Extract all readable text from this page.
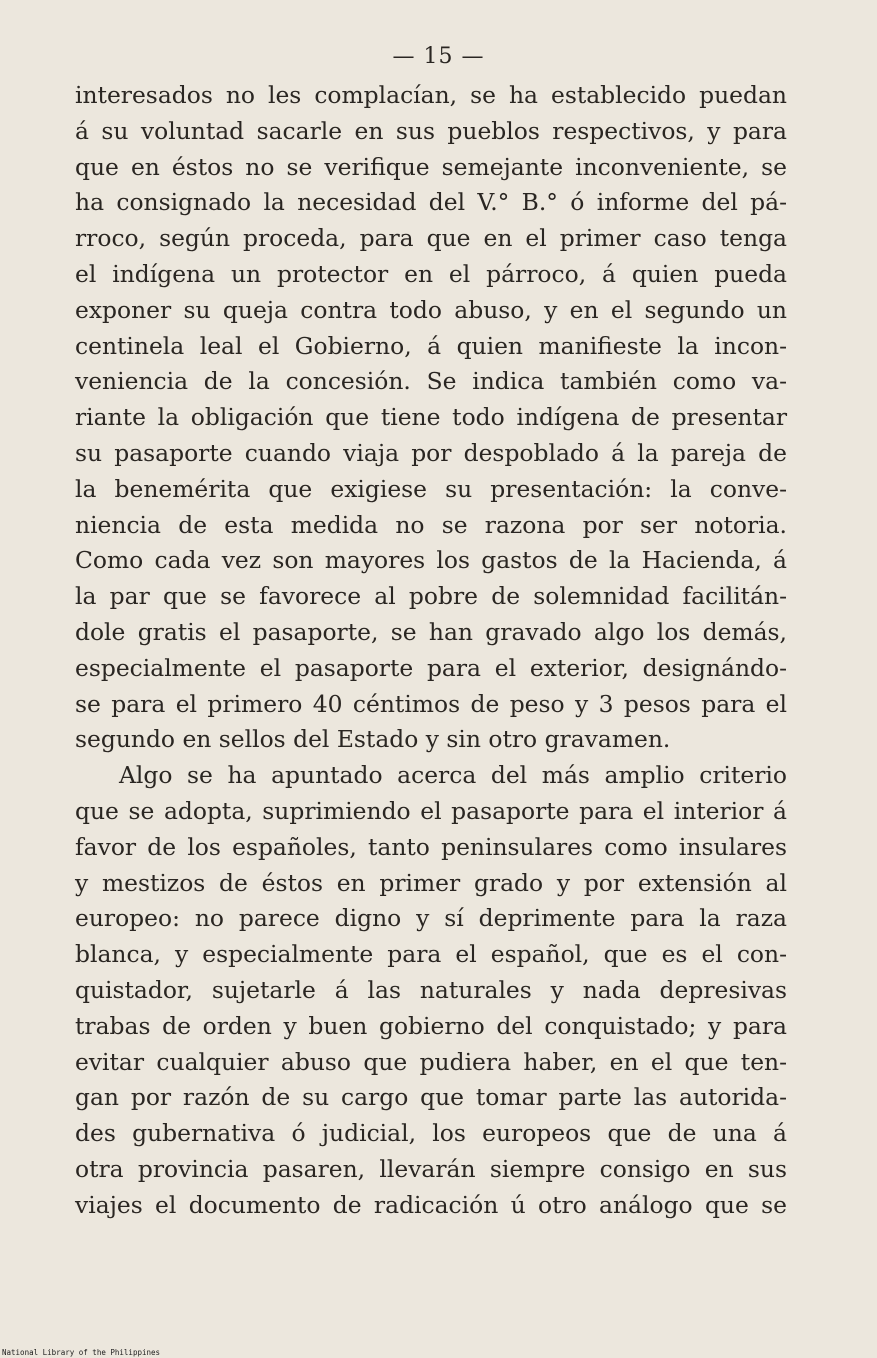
— 15 —
interesados no les complacían, se ha establecido puedan
á su voluntad sacarle en sus pueblos respectivos, y para
que en éstos no se verifique semejante inconveniente, se
ha consignado la necesidad del V.° B.° ó informe del pá-
rroco, según proceda, para que en el primer caso tenga
el indígena un protector en el párroco, á quien pueda
exponer su queja contra todo abuso, y en el segundo un
centinela leal el Gobierno, á quien manifieste la incon-
veniencia de la concesión. Se indica también como va-
riante la obligación que tiene todo indígena de presentar
su pasaporte cuando viaja por despoblado á la pareja de
la benemérita que exigiese su presentación: la conve-
niencia de esta medida no se razona por ser notoria.
Como cada vez son mayores los gastos de la Hacienda, á
la par que se favorece al pobre de solemnidad facilitán-
dole gratis el pasaporte, se han gravado algo los demás,
especialmente el pasaporte para el exterior, designándo-
se para el primero 40 céntimos de peso y 3 pesos para el
segundo en sellos del Estado y sin otro gravamen.
Algo se ha apuntado acerca del más amplio criterio
que se adopta, suprimiendo el pasaporte para el interior á
favor de los españoles, tanto peninsulares como insulares
y mestizos de éstos en primer grado y por extensión al
europeo: no parece digno y sí deprimente para la raza
blanca, y especialmente para el español, que es el con-
quistador, sujetarle á las naturales y nada depresivas
trabas de orden y buen gobierno del conquistado; y para
evitar cualquier abuso que pudiera haber, en el que ten-
gan por razón de su cargo que tomar parte las autorida-
des gubernativa ó judicial, los europeos que de una á
otra provincia pasaren, llevarán siempre consigo en sus
viajes el documento de radicación ú otro análogo que se
National Library of the Philippines
